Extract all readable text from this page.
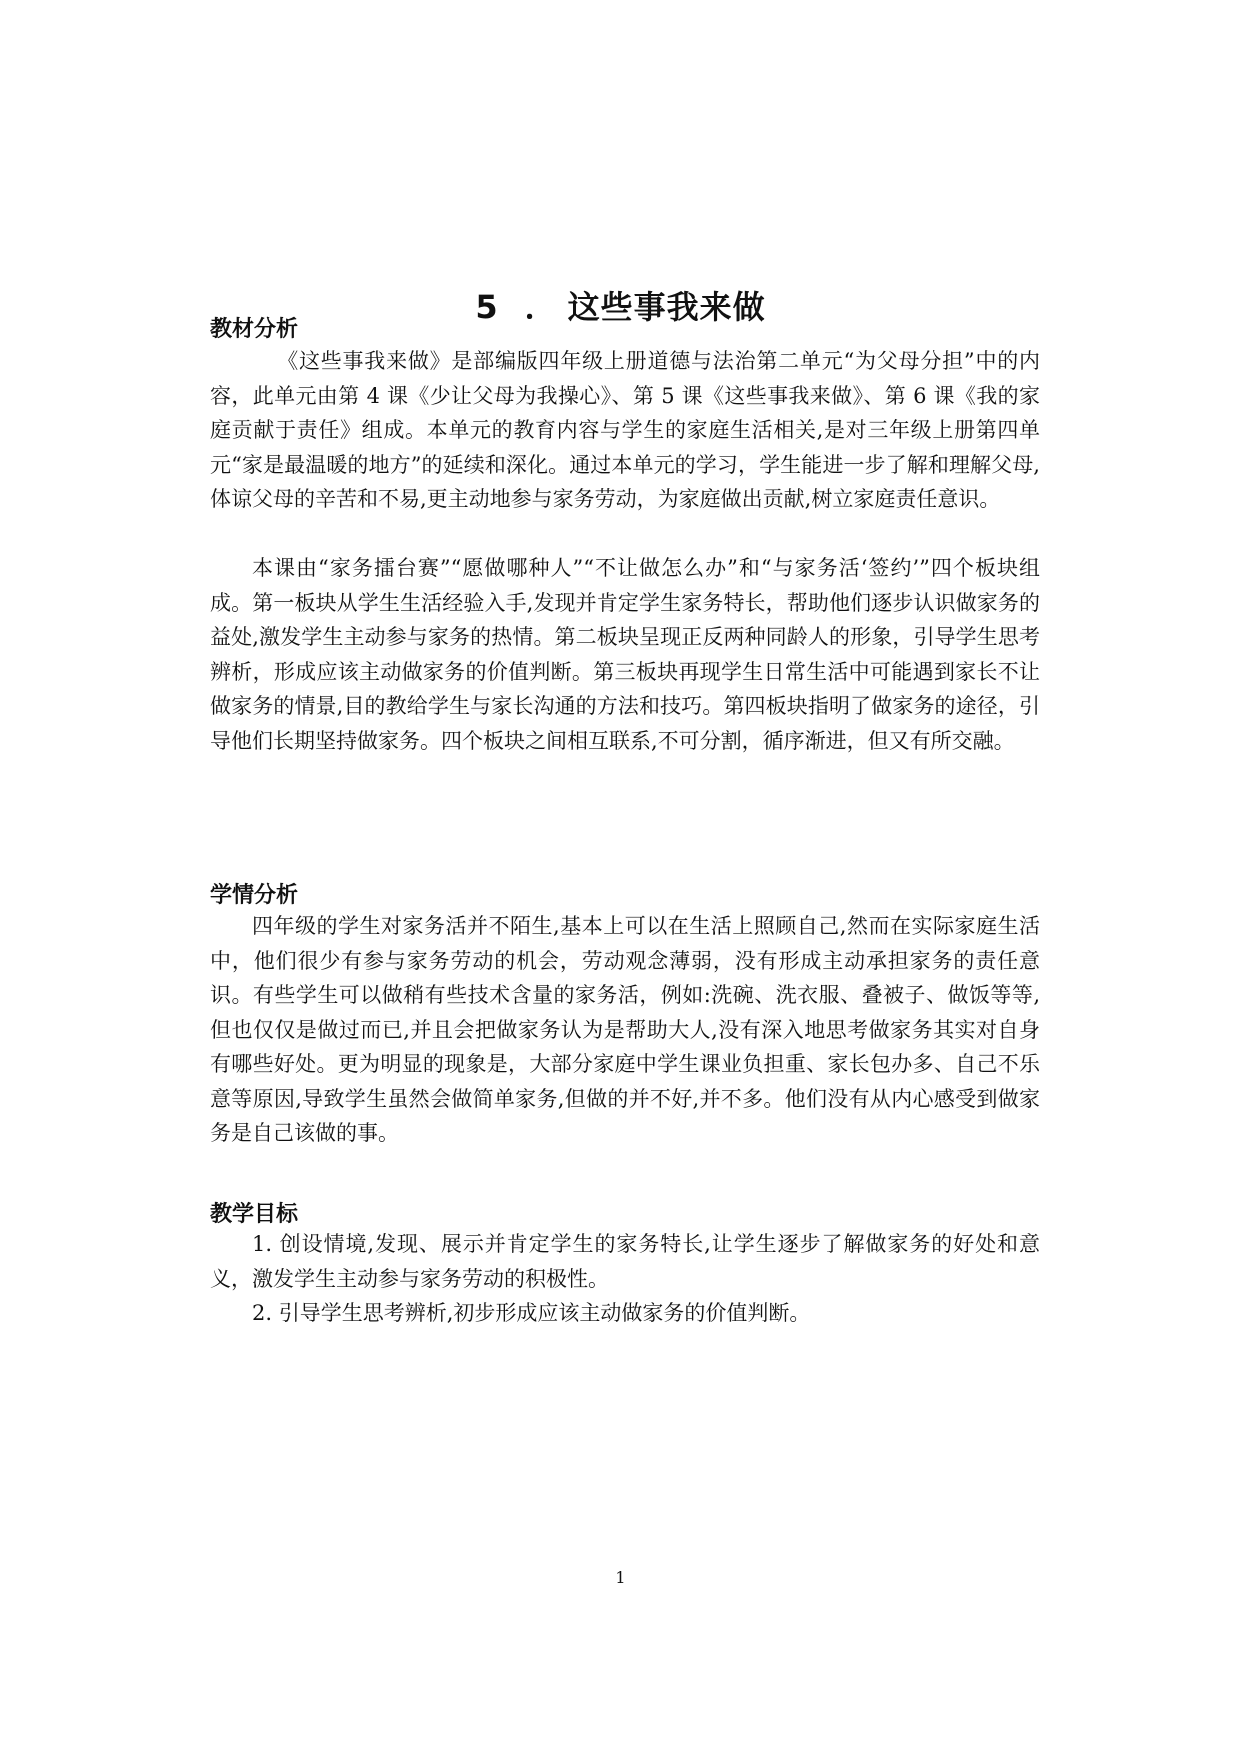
5 ． 这些事我来做
教材分析

《这些事我来做》是部编版四年级上册道德与法治第二单元“为父母分担”中的内容，此单元由第 4 课《少让父母为我操心》、第 5 课《这些事我来做》、第 6 课《我的家庭贡献于责任》组成。本单元的教育内容与学生的家庭生活相关,是对三年级上册第四单元“家是最温暖的地方”的延续和深化。通过本单元的学习，学生能进一步了解和理解父母,体谅父母的辛苦和不易,更主动地参与家务劳动，为家庭做出贡献,树立家庭责任意识。

本课由“家务擂台赛”“愿做哪种人”“不让做怎么办”和“与家务活‘签约’”四个板块组成。第一板块从学生生活经验入手,发现并肯定学生家务特长，帮助他们逐步认识做家务的益处,激发学生主动参与家务的热情。第二板块呈现正反两种同龄人的形象，引导学生思考辨析，形成应该主动做家务的价值判断。第三板块再现学生日常生活中可能遇到家长不让做家务的情景,目的教给学生与家长沟通的方法和技巧。第四板块指明了做家务的途径，引导他们长期坚持做家务。四个板块之间相互联系,不可分割，循序渐进，但又有所交融。

学情分析

四年级的学生对家务活并不陌生,基本上可以在生活上照顾自己,然而在实际家庭生活中，他们很少有参与家务劳动的机会，劳动观念薄弱，没有形成主动承担家务的责任意识。有些学生可以做稍有些技术含量的家务活，例如:洗碗、洗衣服、叠被子、做饭等等,但也仅仅是做过而已,并且会把做家务认为是帮助大人,没有深入地思考做家务其实对自身有哪些好处。更为明显的现象是，大部分家庭中学生课业负担重、家长包办多、自己不乐意等原因,导致学生虽然会做简单家务,但做的并不好,并不多。他们没有从内心感受到做家务是自己该做的事。

教学目标

1. 创设情境,发现、展示并肯定学生的家务特长,让学生逐步了解做家务的好处和意义，激发学生主动参与家务劳动的积极性。

2. 引导学生思考辨析,初步形成应该主动做家务的价值判断。

1
